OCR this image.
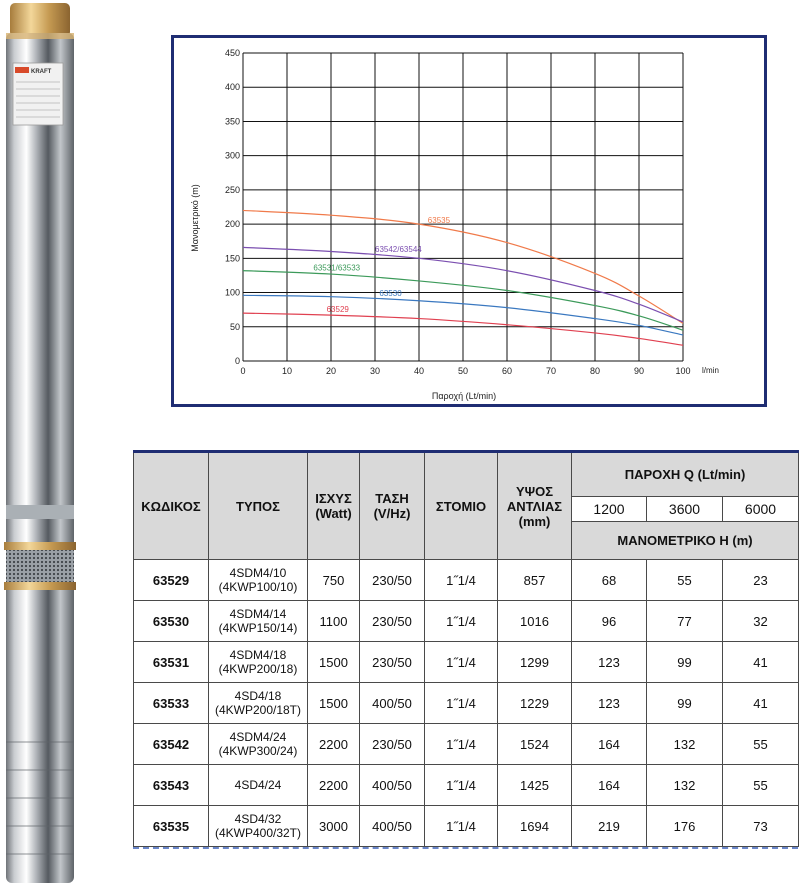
KRAFT
0
50
100
150
200
250
300
350
400
450
0	10	20	30	40	50	60	70	80	90	100
63535
63542/63544
63531/63533
63530
63529
Μανομετρικό (m)
Παροχή (Lt/min)
l/min
ΚΩΔΙΚΟΣ	ΤΥΠΟΣ	ΙΣΧΥΣ (Watt)	ΤΑΣΗ (V/Hz)	ΣΤΟΜΙΟ	ΥΨΟΣ ΑΝΤΛΙΑΣ (mm)	ΠΑΡΟΧΗ Q (Lt/min)		
						1200	3600	6000
						ΜΑΝΟΜΕΤΡΙΚΟ H (m)		
63529	4SDM4/10
(4KWP100/10)	750	230/50	1˝1/4	857	68	55	23
63530	4SDM4/14
(4KWP150/14)	1100	230/50	1˝1/4	1016	96	77	32
63531	4SDM4/18
(4KWP200/18)	1500	230/50	1˝1/4	1299	123	99	41
63533	4SD4/18
(4KWP200/18T)	1500	400/50	1˝1/4	1229	123	99	41
63542	4SDM4/24
(4KWP300/24)	2200	230/50	1˝1/4	1524	164	132	55
63543	4SD4/24	2200	400/50	1˝1/4	1425	164	132	55
63535	4SD4/32
(4KWP400/32T)	3000	400/50	1˝1/4	1694	219	176	73
